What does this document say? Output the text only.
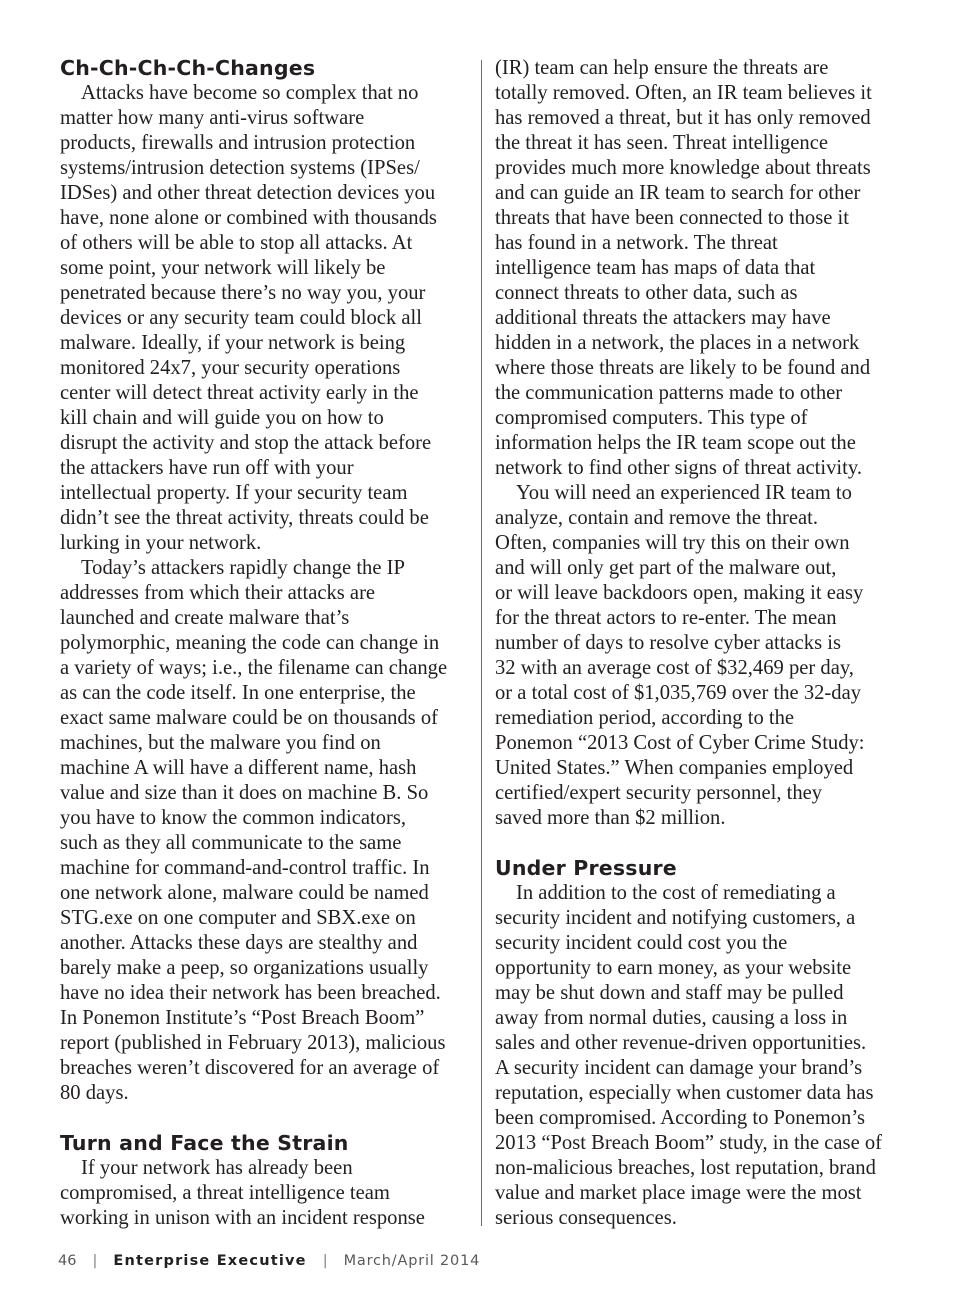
Ch-Ch-Ch-Ch-Changes

Attacks have become so complex that no
matter how many anti-virus software
products, firewalls and intrusion protection
systems/intrusion detection systems (IPSes/
IDSes) and other threat detection devices you
have, none alone or combined with thousands
of others will be able to stop all attacks. At
some point, your network will likely be
penetrated because there’s no way you, your
devices or any security team could block all
malware. Ideally, if your network is being
monitored 24x7, your security operations
center will detect threat activity early in the
kill chain and will guide you on how to
disrupt the activity and stop the attack before
the attackers have run off with your
intellectual property. If your security team
didn’t see the threat activity, threats could be
lurking in your network.

Today’s attackers rapidly change the IP
addresses from which their attacks are
launched and create malware that’s
polymorphic, meaning the code can change in
a variety of ways; i.e., the filename can change
as can the code itself. In one enterprise, the
exact same malware could be on thousands of
machines, but the malware you find on
machine A will have a different name, hash
value and size than it does on machine B. So
you have to know the common indicators,
such as they all communicate to the same
machine for command-and-control traffic. In
one network alone, malware could be named
STG.exe on one computer and SBX.exe on
another. Attacks these days are stealthy and
barely make a peep, so organizations usually
have no idea their network has been breached.
In Ponemon Institute’s “Post Breach Boom”
report (published in February 2013), malicious
breaches weren’t discovered for an average of
80 days.

Turn and Face the Strain

If your network has already been
compromised, a threat intelligence team
working in unison with an incident response

(IR) team can help ensure the threats are
totally removed. Often, an IR team believes it
has removed a threat, but it has only removed
the threat it has seen. Threat intelligence
provides much more knowledge about threats
and can guide an IR team to search for other
threats that have been connected to those it
has found in a network. The threat
intelligence team has maps of data that
connect threats to other data, such as
additional threats the attackers may have
hidden in a network, the places in a network
where those threats are likely to be found and
the communication patterns made to other
compromised computers. This type of
information helps the IR team scope out the
network to find other signs of threat activity.

You will need an experienced IR team to
analyze, contain and remove the threat.
Often, companies will try this on their own
and will only get part of the malware out,
or will leave backdoors open, making it easy
for the threat actors to re-enter. The mean
number of days to resolve cyber attacks is
32 with an average cost of $32,469 per day,
or a total cost of $1,035,769 over the 32-day
remediation period, according to the
Ponemon “2013 Cost of Cyber Crime Study:
United States.” When companies employed
certified/expert security personnel, they
saved more than $2 million.

Under Pressure

In addition to the cost of remediating a
security incident and notifying customers, a
security incident could cost you the
opportunity to earn money, as your website
may be shut down and staff may be pulled
away from normal duties, causing a loss in
sales and other revenue-driven opportunities.
A security incident can damage your brand’s
reputation, especially when customer data has
been compromised. According to Ponemon’s
2013 “Post Breach Boom” study, in the case of
non-malicious breaches, lost reputation, brand
value and market place image were the most
serious consequences.

46 | Enterprise Executive | March/April 2014
